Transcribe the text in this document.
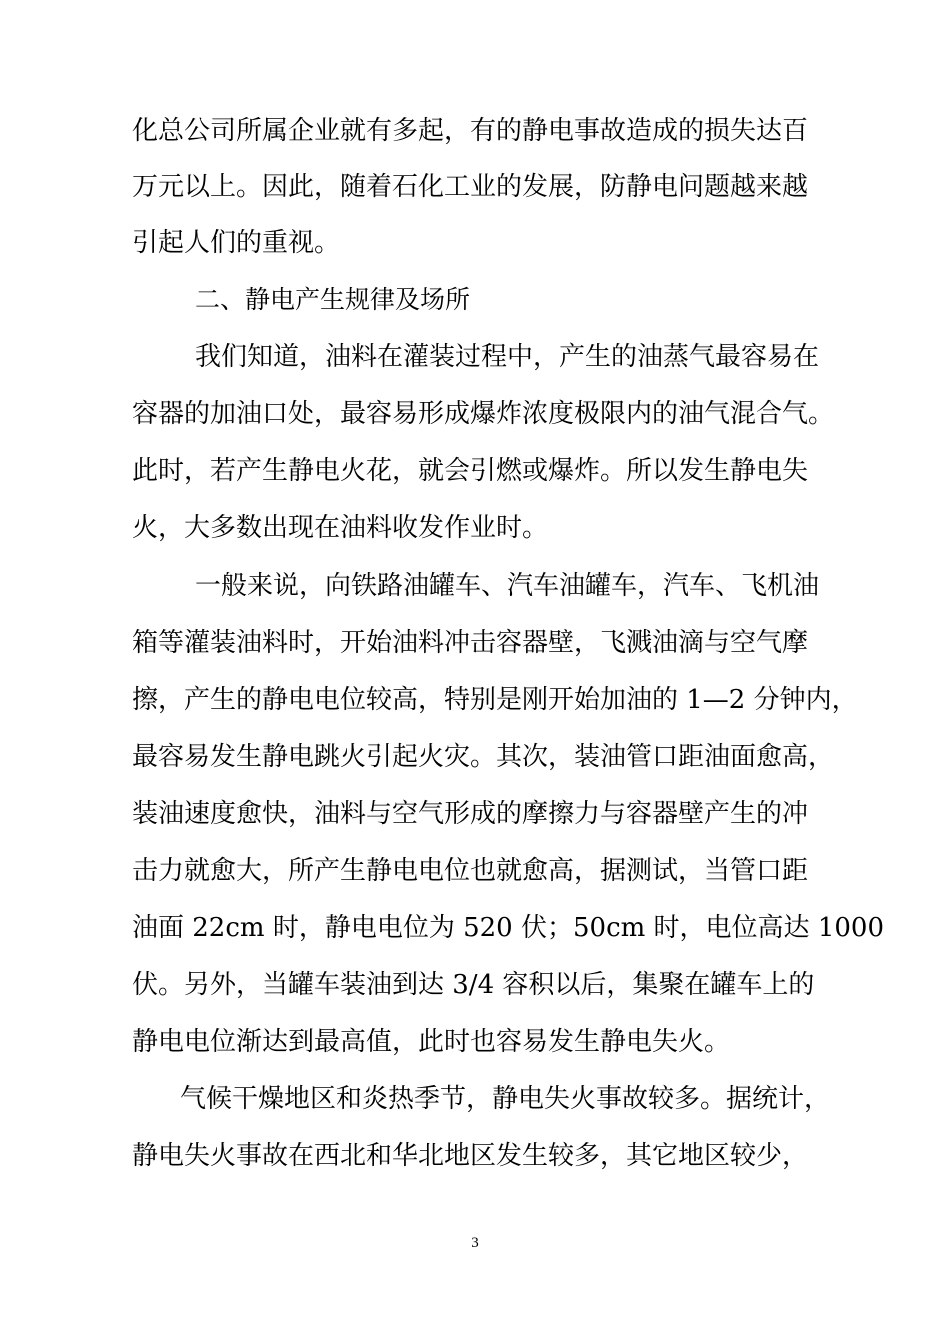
化总公司所属企业就有多起，有的静电事故造成的损失达百
万元以上。因此，随着石化工业的发展，防静电问题越来越
引起人们的重视。
二、静电产生规律及场所
我们知道，油料在灌装过程中，产生的油蒸气最容易在
容器的加油口处，最容易形成爆炸浓度极限内的油气混合气。
此时，若产生静电火花，就会引燃或爆炸。所以发生静电失
火，大多数出现在油料收发作业时。
一般来说，向铁路油罐车、汽车油罐车，汽车、飞机油
箱等灌装油料时，开始油料冲击容器壁，飞溅油滴与空气摩
擦，产生的静电电位较高，特别是刚开始加油的 1—2 分钟内，
最容易发生静电跳火引起火灾。其次，装油管口距油面愈高，
装油速度愈快，油料与空气形成的摩擦力与容器壁产生的冲
击力就愈大，所产生静电电位也就愈高，据测试，当管口距
油面 22cm 时，静电电位为 520 伏；50cm 时，电位高达 1000
伏。另外，当罐车装油到达 3/4 容积以后，集聚在罐车上的
静电电位渐达到最高值，此时也容易发生静电失火。
气候干燥地区和炎热季节，静电失火事故较多。据统计，
静电失火事故在西北和华北地区发生较多，其它地区较少，
3
